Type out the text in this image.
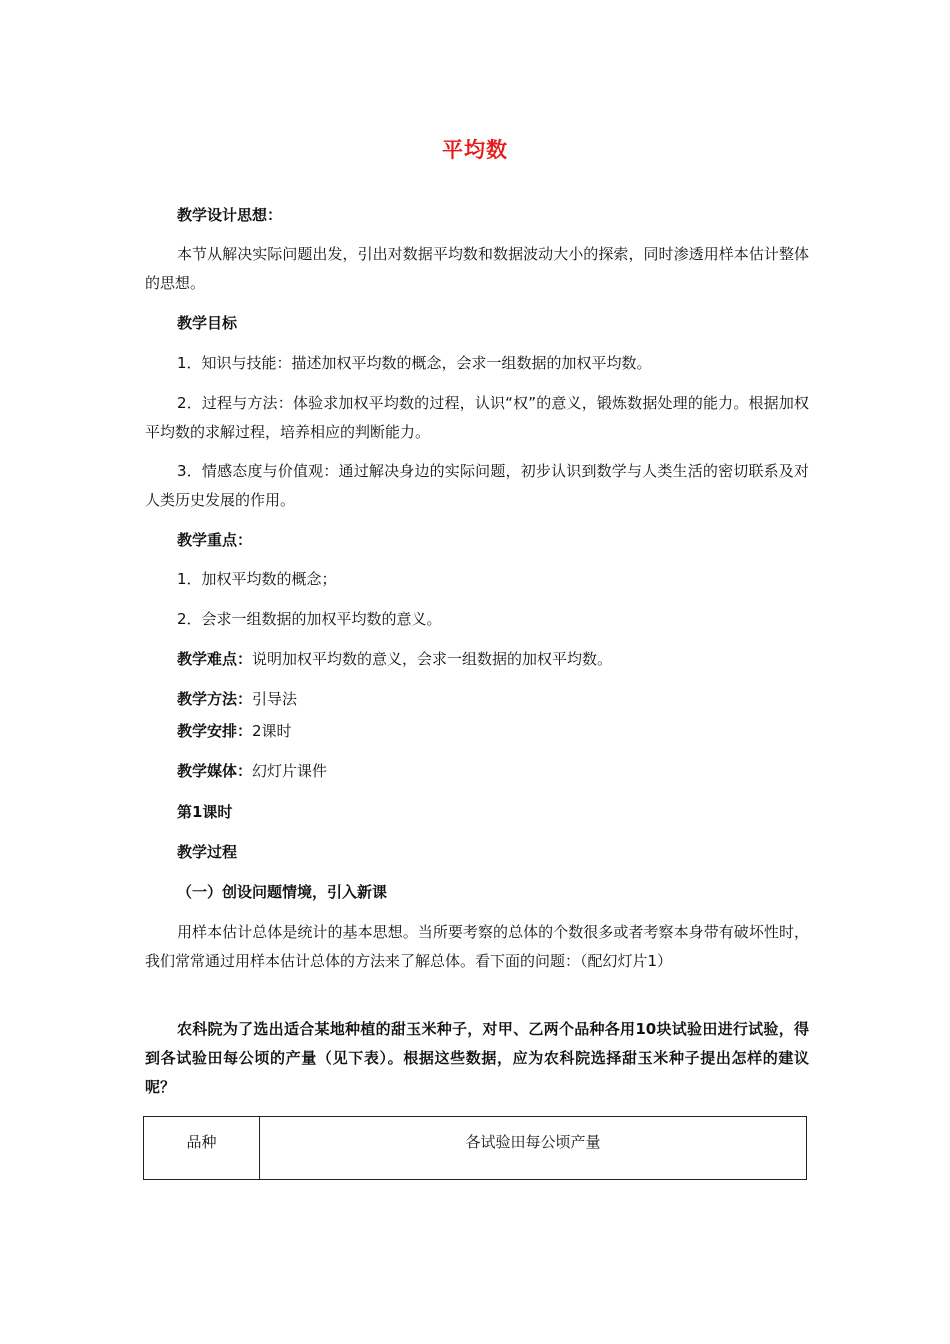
平均数
教学设计思想：
本节从解决实际问题出发，引出对数据平均数和数据波动大小的探索，同时渗透用样本估计整体的思想。
教学目标
1．知识与技能：描述加权平均数的概念，会求一组数据的加权平均数。
2．过程与方法：体验求加权平均数的过程，认识“权”的意义，锻炼数据处理的能力。根据加权平均数的求解过程，培养相应的判断能力。
3．情感态度与价值观：通过解决身边的实际问题，初步认识到数学与人类生活的密切联系及对人类历史发展的作用。
教学重点：
1．加权平均数的概念；
2．会求一组数据的加权平均数的意义。
教学难点：说明加权平均数的意义，会求一组数据的加权平均数。
教学方法：引导法
教学安排：2课时
教学媒体：幻灯片课件
第1课时
教学过程
（一）创设问题情境，引入新课
用样本估计总体是统计的基本思想。当所要考察的总体的个数很多或者考察本身带有破坏性时，我们常常通过用样本估计总体的方法来了解总体。看下面的问题：（配幻灯片1）
农科院为了选出适合某地种植的甜玉米种子，对甲、乙两个品种各用10块试验田进行试验，得到各试验田每公顷的产量（见下表）。根据这些数据，应为农科院选择甜玉米种子提出怎样的建议呢？
品种	各试验田每公顷产量
